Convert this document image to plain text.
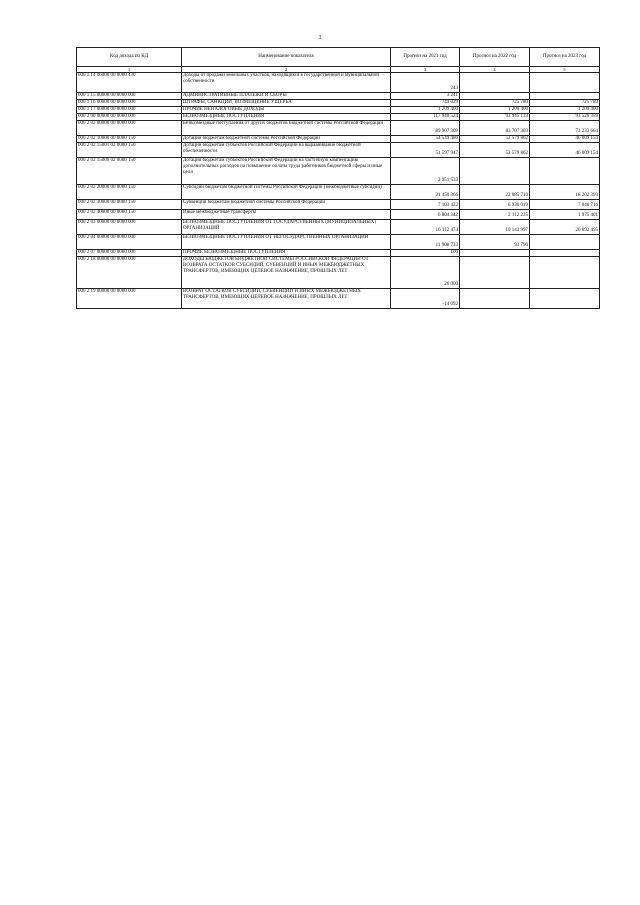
3
Код дохода по КД	Наименование показателя	Прогноз на 2021 год	Прогноз на 2022 год	Прогноз на 2023 год
1	2	3	4	5
000 1 14 06000 00 0000 430	Доходы от продажи земельных участков, находящихся в государственной и муниципальной собственности	243		
000 1 15 00000 00 0000 000	АДМИНИСТРАТИВНЫЕ ПЛАТЕЖИ И СБОРЫ	3 241		
000 1 16 00000 00 0000 000	ШТРАФЫ, САНКЦИИ, ВОЗМЕЩЕНИЕ УЩЕРБА	744 029	725 780	725 780
000 1 17 00000 00 0000 000	ПРОЧИЕ НЕНАЛОГОВЫЕ ДОХОДЫ	1 209 400	1 209 400	1 209 400
000 2 00 00000 00 0000 000	БЕЗВОЗМЕЗДНЫЕ ПОСТУПЛЕНИЯ	117 940 524	93 945 133	93 526 359
000 2 02 00000 00 0000 000	Безвозмездные поступления от других бюджетов бюджетной системы Российской Федерации	89 907 309	83 707 303	73 233 664
000 2 02 10000 00 0000 150	Дотации бюджетам бюджетной системы Российской Федерации	54 549 480	52 579 862	46 009 154
000 2 02 15001 02 0000 150	Дотации бюджетам субъектов Российской Федерации на выравнивание бюджетной обеспеченности	51 597 947	52 579 862	46 009 154
000 2 02 15009 02 0000 150	Дотации бюджетам субъектов Российской Федерации на частичную компенсацию дополнительных расходов на повышение оплаты труда работников бюджетной сферы и иные цели	2 951 533		
000 2 02 20000 00 0000 150	Субсидии бюджетам бюджетной системы Российской Федерации (межбюджетные субсидии)	21 450 366	22 085 710	18 202 393
000 2 02 30000 00 0000 150	Субвенции бюджетам бюджетной системы Российской Федерации	7 103 422	6 930 019	7 046 716
000 2 02 40000 00 0000 150	Иные межбюджетные трансферты	6 804 342	2 112 235	1 975 401
000 2 03 00000 00 0000 000	БЕЗВОЗМЕЗДНЫЕ ПОСТУПЛЕНИЯ ОТ ГОСУДАРСТВЕННЫХ (МУНИЦИПАЛЬНЫХ) ОРГАНИЗАЦИЙ	16 112 474	10 143 997	20 092 495
000 2 04 00000 00 0000 000	БЕЗВОЗМЕЗДНЫЕ ПОСТУПЛЕНИЯ ОТ НЕГОСУДАРСТВЕННЫХ ОРГАНИЗАЦИЙ	11 908 733	93 790	
000 2 07 00000 00 0000 000	ПРОЧИЕ БЕЗВОЗМЕЗДНЫЕ ПОСТУПЛЕНИЯ	100		
000 2 18 00000 00 0000 000	ДОХОДЫ БЮДЖЕТОВ БЮДЖЕТНОЙ СИСТЕМЫ РОССИЙСКОЙ ФЕДЕРАЦИИ ОТ ВОЗВРАТА ОСТАТКОВ СУБСИДИЙ, СУБВЕНЦИЙ И ИНЫХ МЕЖБЮДЖЕТНЫХ ТРАНСФЕРТОВ, ИМЕЮЩИХ ЦЕЛЕВОЕ НАЗНАЧЕНИЕ, ПРОШЛЫХ ЛЕТ	26 000		
000 2 19 00000 00 0000 000	ВОЗВРАТ ОСТАТКОВ СУБСИДИЙ, СУБВЕНЦИЙ И ИНЫХ МЕЖБЮДЖЕТНЫХ ТРАНСФЕРТОВ, ИМЕЮЩИХ ЦЕЛЕВОЕ НАЗНАЧЕНИЕ, ПРОШЛЫХ ЛЕТ	-14 092		
